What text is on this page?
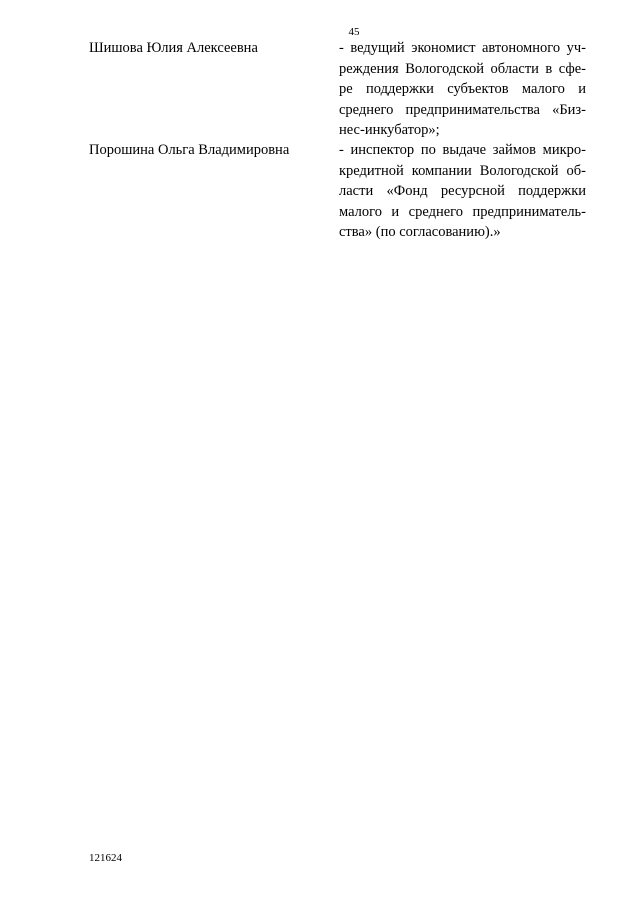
45
Шишова Юлия Алексеевна	- ведущий экономист автономного уч-
реждения Вологодской области в сфе-
ре поддержки субъектов малого и
среднего предпринимательства «Биз-
нес-инкубатор»;
Порошина Ольга Владимировна	- инспектор по выдаче займов микро-
кредитной компании Вологодской об-
ласти «Фонд ресурсной поддержки
малого и среднего предприниматель-
ства» (по согласованию).»
121624
